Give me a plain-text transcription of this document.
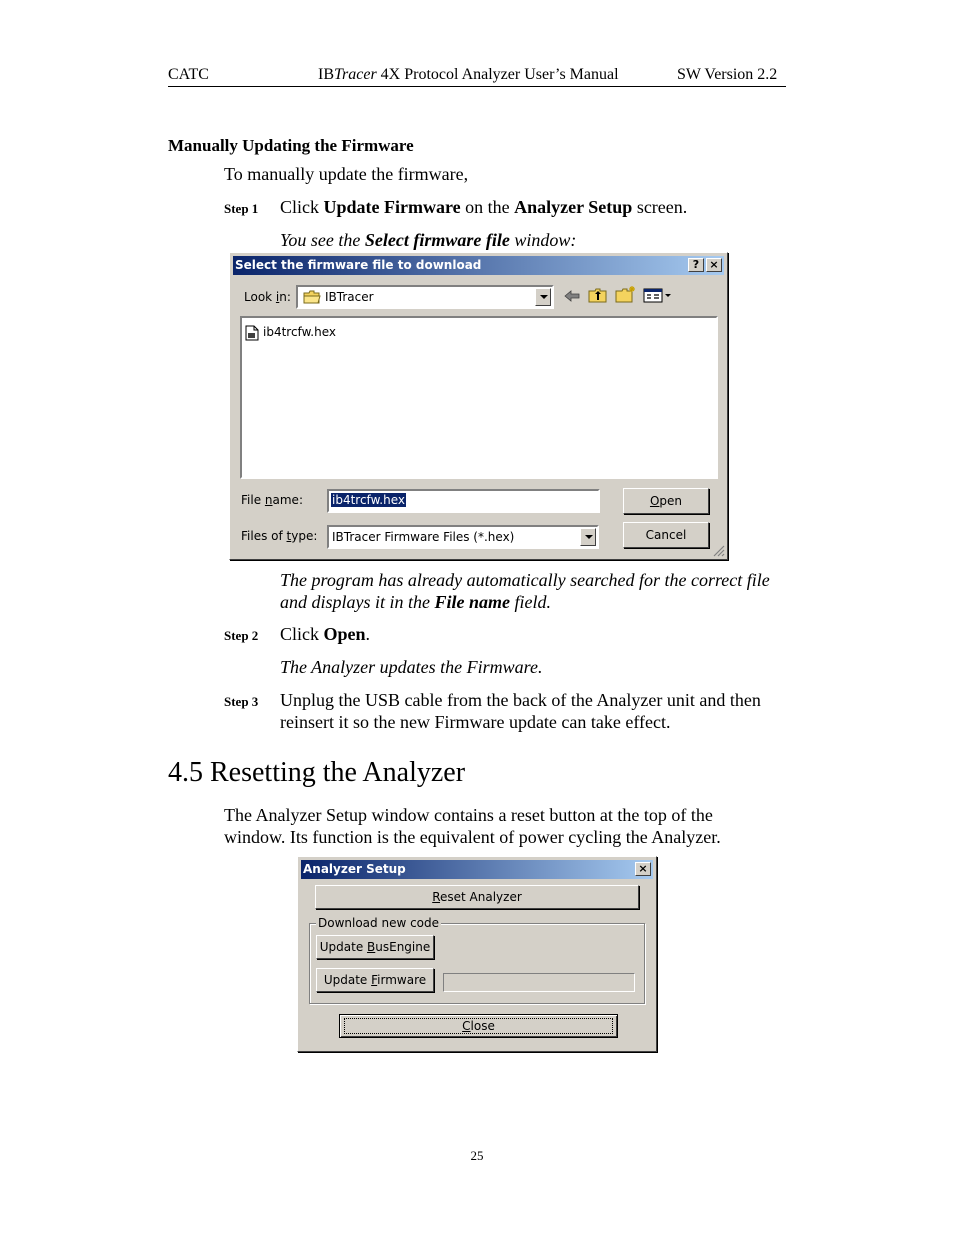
CATC	IBTracer 4X Protocol Analyzer User’s Manual	SW Version 2.2
Manually Updating the Firmware
To manually update the firmware,
Step 1 Click Update Firmware on the Analyzer Setup screen.
You see the Select firmware file window:
Select the firmware file to download	? ×
Look in:	IBTracer
ib4trcfw.hex
File name: ib4trcfw.hex	Open
Files of type: IBTracer Firmware Files (*.hex)	Cancel
The program has already automatically searched for the correct file
and displays it in the File name field.
Step 2 Click Open.
The Analyzer updates the Firmware.
Step 3 Unplug the USB cable from the back of the Analyzer unit and then
reinsert it so the new Firmware update can take effect.
4.5 Resetting the Analyzer
The Analyzer Setup window contains a reset button at the top of the
window. Its function is the equivalent of power cycling the Analyzer.
Analyzer Setup	×
Reset Analyzer
Download new code
Update BusEngine
Update Firmware
Close
25
